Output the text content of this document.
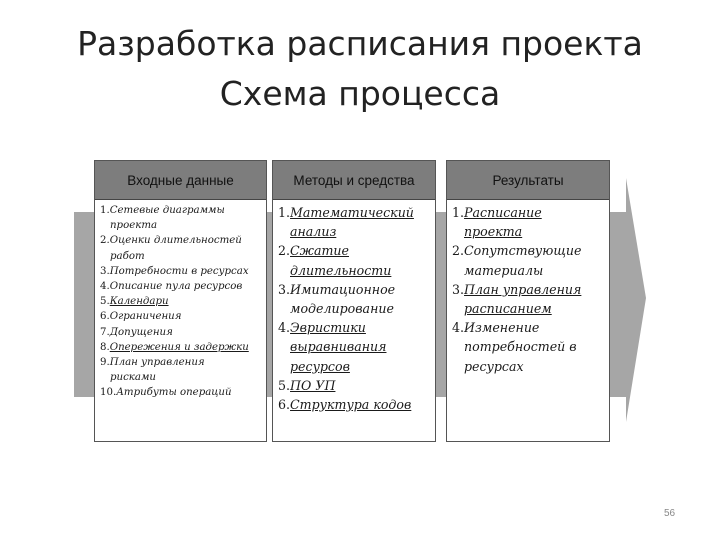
Разработка расписания проекта
Схема процесса
Входные данные
1.Сетевые диаграммы
проекта
2.Оценки длительностей
работ
3.Потребности в ресурсах
4.Описание пула ресурсов
5.Календари
6.Ограничения
7.Допущения
8.Опережения и задержки
9.План управления
рисками
10.Атрибуты операций
Методы и средства
1.Математический
анализ
2.Сжатие
длительности
3.Имитационное
моделирование
4.Эвристики
выравнивания
ресурсов
5.ПО УП
6.Структура кодов
Результаты
1.Расписание
проекта
2.Сопутствующие
материалы
3.План управления
расписанием
4.Изменение
потребностей в
ресурсах
56
